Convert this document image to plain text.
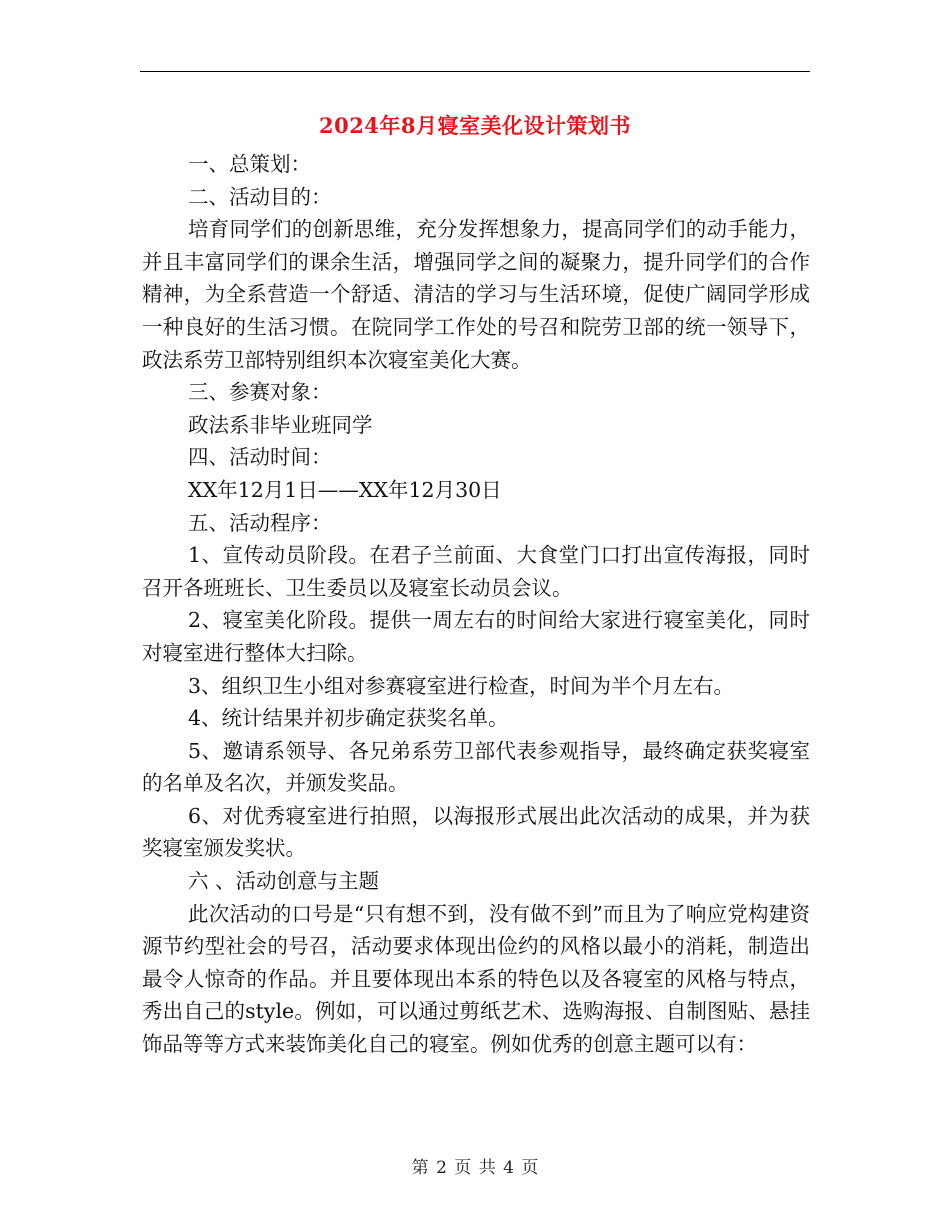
2024年8月寝室美化设计策划书

一、总策划：

二、活动目的：

培育同学们的创新思维，充分发挥想象力，提高同学们的动手能力，并且丰富同学们的课余生活，增强同学之间的凝聚力，提升同学们的合作精神，为全系营造一个舒适、清洁的学习与生活环境，促使广阔同学形成一种良好的生活习惯。在院同学工作处的号召和院劳卫部的统一领导下，政法系劳卫部特别组织本次寝室美化大赛。

三、参赛对象：

政法系非毕业班同学

四、活动时间：

XX年12月1日——XX年12月30日

五、活动程序：

1、宣传动员阶段。在君子兰前面、大食堂门口打出宣传海报，同时召开各班班长、卫生委员以及寝室长动员会议。

2、寝室美化阶段。提供一周左右的时间给大家进行寝室美化，同时对寝室进行整体大扫除。

3、组织卫生小组对参赛寝室进行检查，时间为半个月左右。

4、统计结果并初步确定获奖名单。

5、邀请系领导、各兄弟系劳卫部代表参观指导，最终确定获奖寝室的名单及名次，并颁发奖品。

6、对优秀寝室进行拍照，以海报形式展出此次活动的成果，并为获奖寝室颁发奖状。

六 、活动创意与主题

此次活动的口号是“只有想不到，没有做不到”而且为了响应党构建资源节约型社会的号召，活动要求体现出俭约的风格以最小的消耗，制造出最令人惊奇的作品。并且要体现出本系的特色以及各寝室的风格与特点，秀出自己的style。例如，可以通过剪纸艺术、选购海报、自制图贴、悬挂饰品等等方式来装饰美化自己的寝室。例如优秀的创意主题可以有：

第 2 页 共 4 页
